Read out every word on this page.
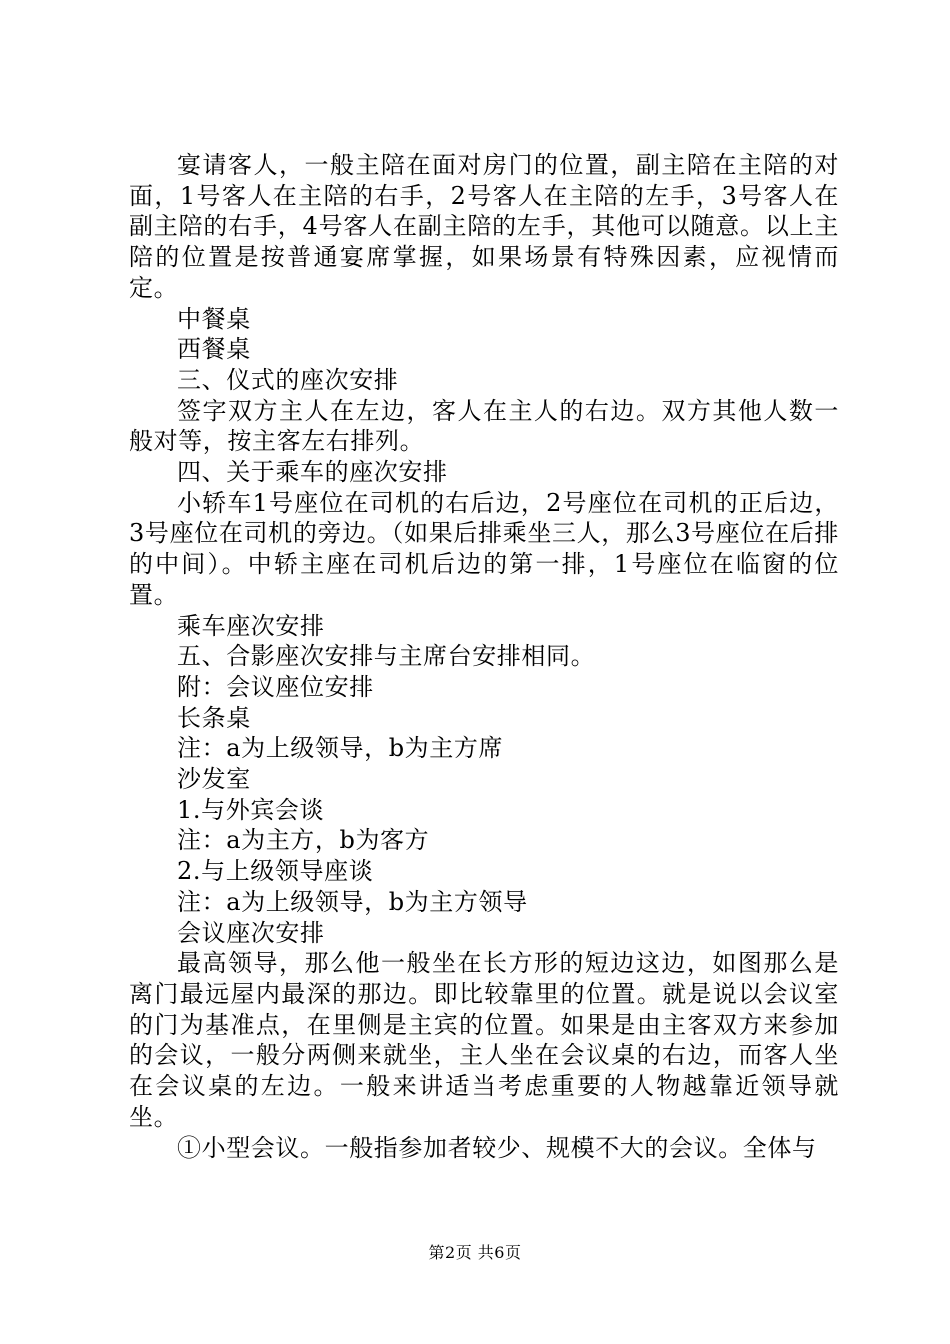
宴请客人，一般主陪在面对房门的位置，副主陪在主陪的对面，1号客人在主陪的右手，2号客人在主陪的左手，3号客人在副主陪的右手，4号客人在副主陪的左手，其他可以随意。以上主陪的位置是按普通宴席掌握，如果场景有特殊因素，应视情而定。

中餐桌

西餐桌

三、仪式的座次安排

签字双方主人在左边，客人在主人的右边。双方其他人数一般对等，按主客左右排列。

四、关于乘车的座次安排

小轿车1号座位在司机的右后边，2号座位在司机的正后边，3号座位在司机的旁边。（如果后排乘坐三人，那么3号座位在后排的中间）。中轿主座在司机后边的第一排，1号座位在临窗的位置。

乘车座次安排

五、合影座次安排与主席台安排相同。

附：会议座位安排

长条桌

注：a为上级领导，b为主方席

沙发室

1.与外宾会谈

注：a为主方，b为客方

2.与上级领导座谈

注：a为上级领导，b为主方领导

会议座次安排

最高领导，那么他一般坐在长方形的短边这边，如图那么是离门最远屋内最深的那边。即比较靠里的位置。就是说以会议室的门为基准点，在里侧是主宾的位置。如果是由主客双方来参加的会议，一般分两侧来就坐，主人坐在会议桌的右边，而客人坐在会议桌的左边。一般来讲适当考虑重要的人物越靠近领导就坐。

①小型会议。一般指参加者较少、规模不大的会议。全体与

第2页 共6页
